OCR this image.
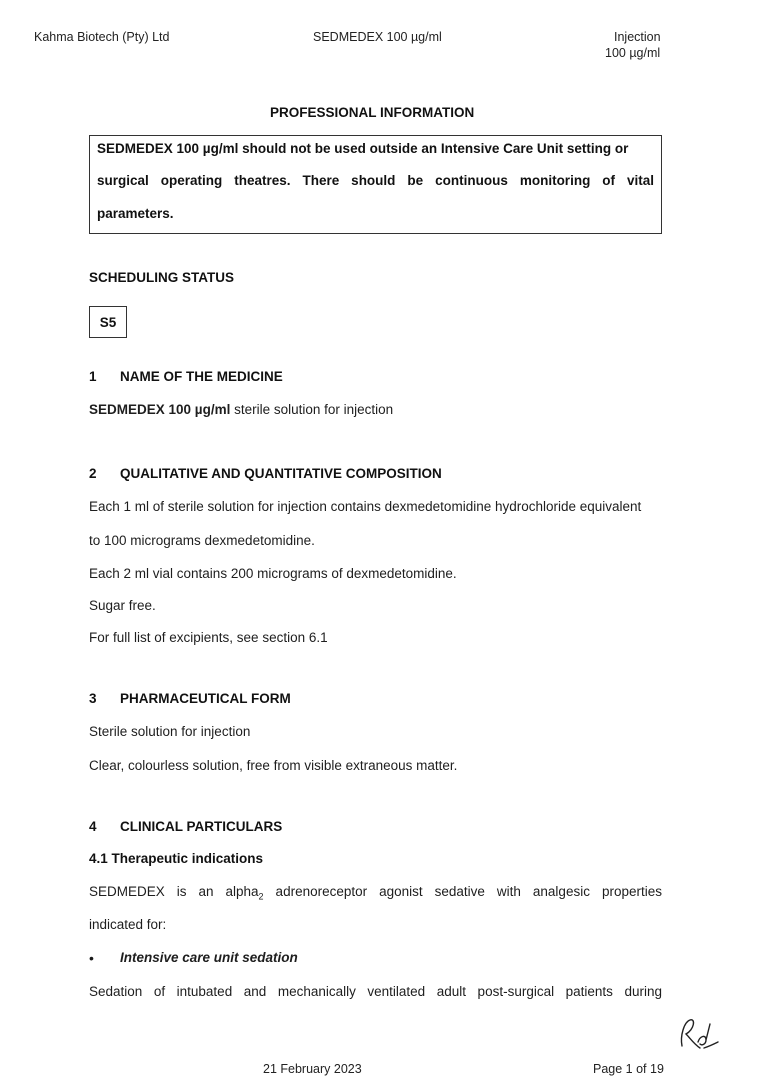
Kahma Biotech (Pty) Ltd	SEDMEDEX 100 µg/ml	Injection
100 µg/ml
PROFESSIONAL INFORMATION
SEDMEDEX 100 µg/ml should not be used outside an Intensive Care Unit setting or
surgical operating theatres. There should be continuous monitoring of vital
parameters.
SCHEDULING STATUS
S5
1 NAME OF THE MEDICINE
SEDMEDEX 100 µg/ml sterile solution for injection
2 QUALITATIVE AND QUANTITATIVE COMPOSITION
Each 1 ml of sterile solution for injection contains dexmedetomidine hydrochloride equivalent
to 100 micrograms dexmedetomidine.
Each 2 ml vial contains 200 micrograms of dexmedetomidine.
Sugar free.
For full list of excipients, see section 6.1
3 PHARMACEUTICAL FORM
Sterile solution for injection
Clear, colourless solution, free from visible extraneous matter.
4 CLINICAL PARTICULARS
4.1 Therapeutic indications
SEDMEDEX is an alpha$_2$ adrenoreceptor agonist sedative with analgesic properties
indicated for:
• Intensive care unit sedation
Sedation of intubated and mechanically ventilated adult post-surgical patients during
21 February 2023	Page 1 of 19
